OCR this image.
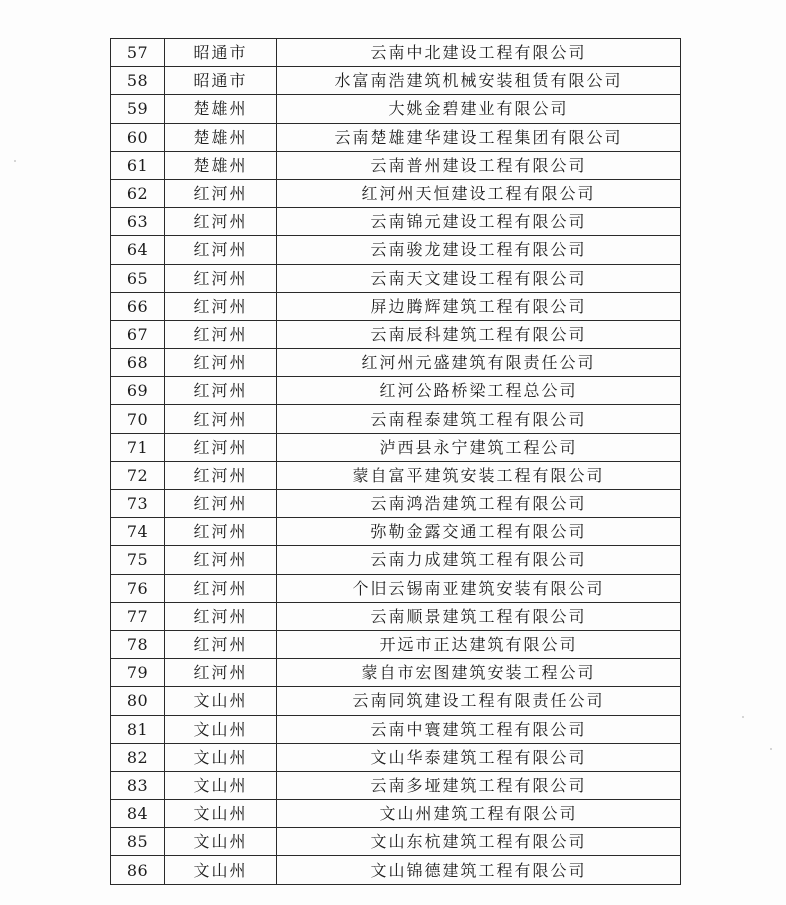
57	昭通市	云南中北建设工程有限公司
58	昭通市	水富南浩建筑机械安装租赁有限公司
59	楚雄州	大姚金碧建业有限公司
60	楚雄州	云南楚雄建华建设工程集团有限公司
61	楚雄州	云南普州建设工程有限公司
62	红河州	红河州天恒建设工程有限公司
63	红河州	云南锦元建设工程有限公司
64	红河州	云南骏龙建设工程有限公司
65	红河州	云南天文建设工程有限公司
66	红河州	屏边腾辉建筑工程有限公司
67	红河州	云南辰科建筑工程有限公司
68	红河州	红河州元盛建筑有限责任公司
69	红河州	红河公路桥梁工程总公司
70	红河州	云南程泰建筑工程有限公司
71	红河州	泸西县永宁建筑工程公司
72	红河州	蒙自富平建筑安装工程有限公司
73	红河州	云南鸿浩建筑工程有限公司
74	红河州	弥勒金露交通工程有限公司
75	红河州	云南力成建筑工程有限公司
76	红河州	个旧云锡南亚建筑安装有限公司
77	红河州	云南顺景建筑工程有限公司
78	红河州	开远市正达建筑有限公司
79	红河州	蒙自市宏图建筑安装工程公司
80	文山州	云南同筑建设工程有限责任公司
81	文山州	云南中寰建筑工程有限公司
82	文山州	文山华泰建筑工程有限公司
83	文山州	云南多垭建筑工程有限公司
84	文山州	文山州建筑工程有限公司
85	文山州	文山东杭建筑工程有限公司
86	文山州	文山锦德建筑工程有限公司
